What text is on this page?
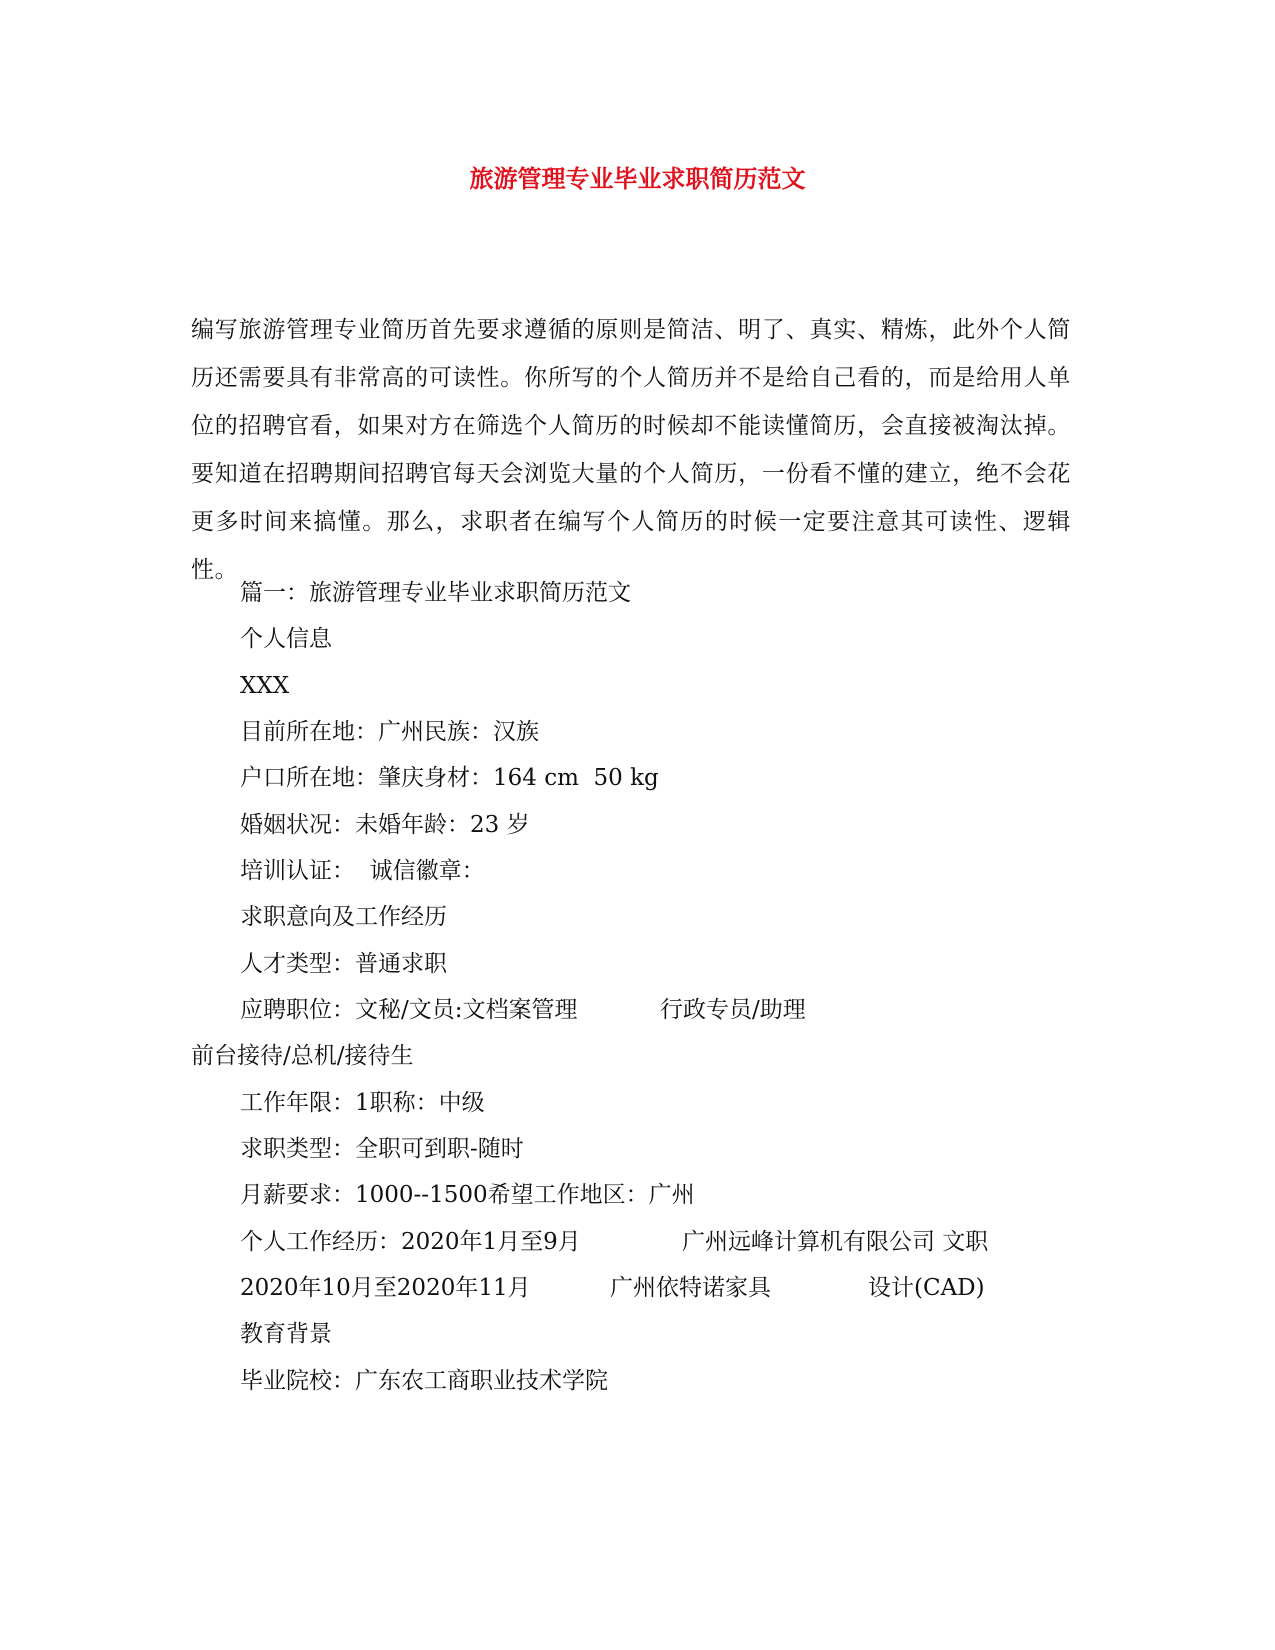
旅游管理专业毕业求职简历范文

编写旅游管理专业简历首先要求遵循的原则是简洁、明了、真实、精炼，此外个人简历还需要具有非常高的可读性。你所写的个人简历并不是给自己看的，而是给用人单位的招聘官看，如果对方在筛选个人简历的时候却不能读懂简历，会直接被淘汰掉。要知道在招聘期间招聘官每天会浏览大量的个人简历，一份看不懂的建立，绝不会花更多时间来搞懂。那么，求职者在编写个人简历的时候一定要注意其可读性、逻辑性。

篇一：旅游管理专业毕业求职简历范文

个人信息

XXX

目前所在地：广州民族：汉族

户口所在地：肇庆身材：164 cm  50 kg

婚姻状况：未婚年龄：23 岁

培训认证：  诚信徽章：

求职意向及工作经历

人才类型：普通求职

应聘职位：文秘/文员:文档案管理	行政专员/助理

前台接待/总机/接待生

工作年限：1职称：中级

求职类型：全职可到职-随时

月薪要求：1000--1500希望工作地区：广州

个人工作经历：2020年1月至9月	广州远峰计算机有限公司 文职

2020年10月至2020年11月	广州依特诺家具	设计(CAD)

教育背景

毕业院校：广东农工商职业技术学院
